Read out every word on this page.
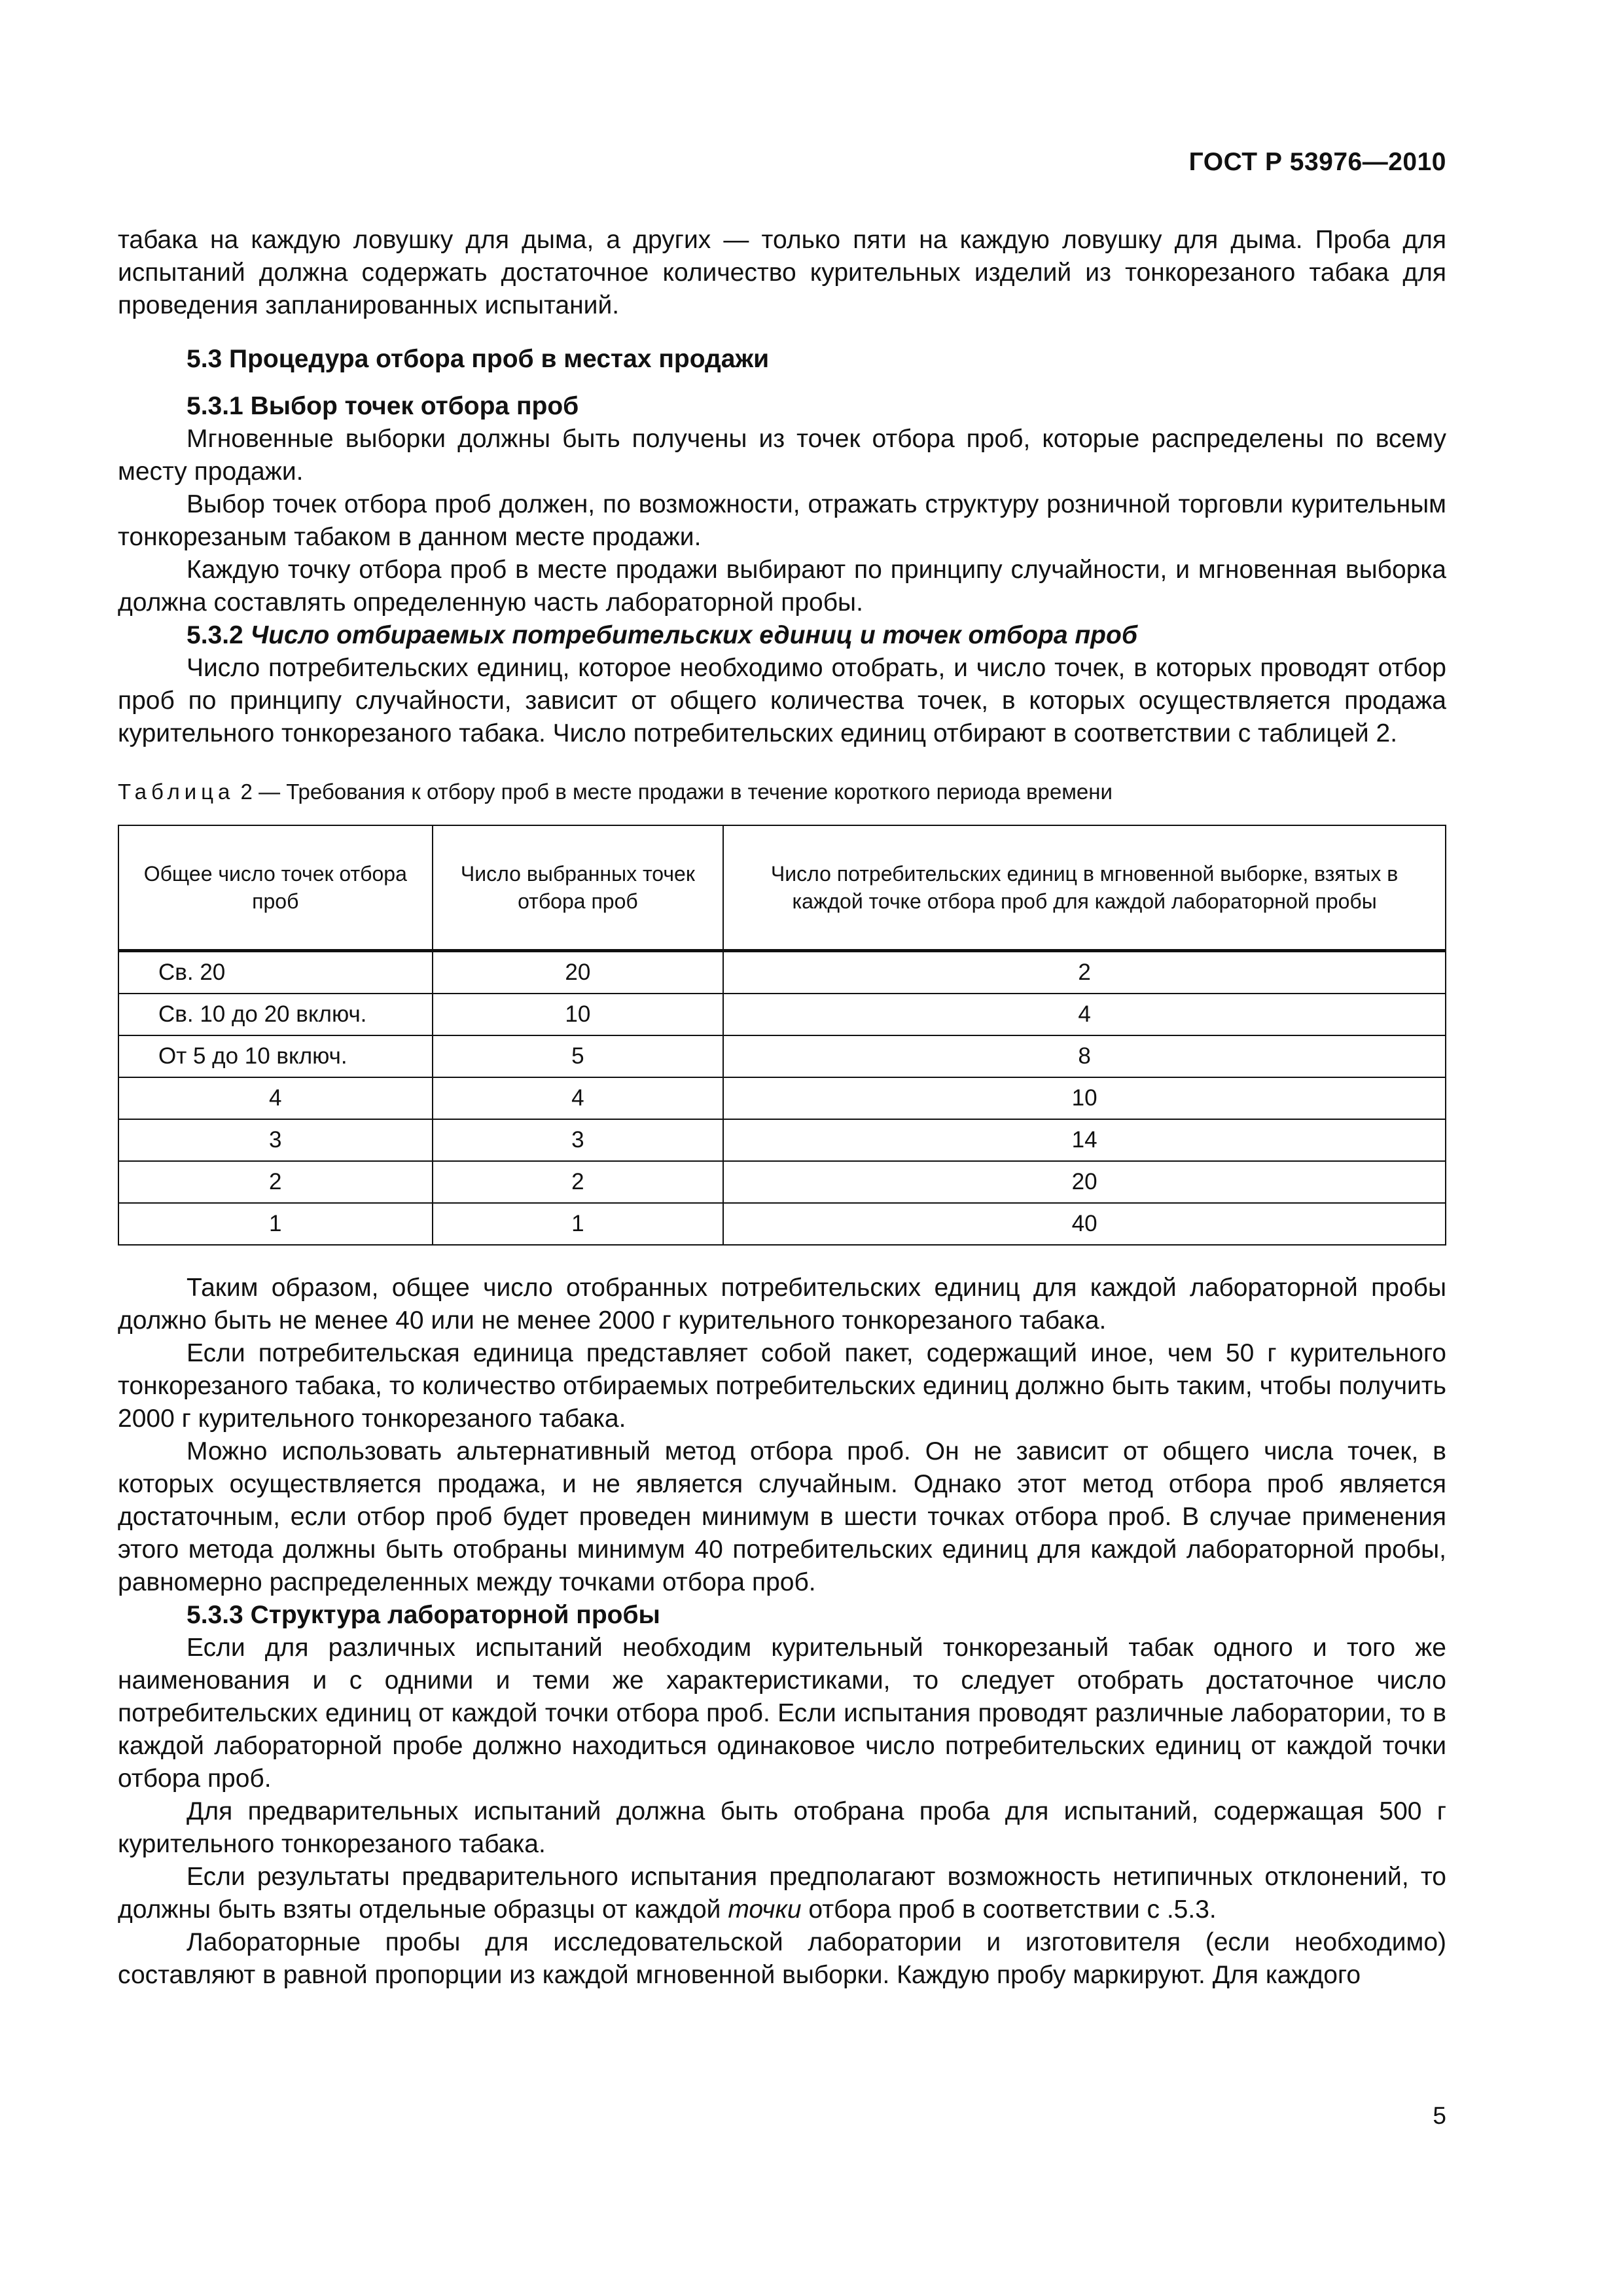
ГОСТ Р 53976—2010

табака на каждую ловушку для дыма, а других — только пяти на каждую ловушку для дыма. Проба для испытаний должна содержать достаточное количество курительных изделий из тонкорезаного табака для проведения запланированных испытаний.

5.3 Процедура отбора проб в местах продажи

5.3.1 Выбор точек отбора проб

Мгновенные выборки должны быть получены из точек отбора проб, которые распределены по всему месту продажи.

Выбор точек отбора проб должен, по возможности, отражать структуру розничной торговли курительным тонкорезаным табаком в данном месте продажи.

Каждую точку отбора проб в месте продажи выбирают по принципу случайности, и мгновенная выборка должна составлять определенную часть лабораторной пробы.

5.3.2 Число отбираемых потребительских единиц и точек отбора проб

Число потребительских единиц, которое необходимо отобрать, и число точек, в которых проводят отбор проб по принципу случайности, зависит от общего количества точек, в которых осуществляется продажа курительного тонкорезаного табака. Число потребительских единиц отбирают в соответствии с таблицей 2.

Таблица 2 — Требования к отбору проб в месте продажи в течение короткого периода времени

Общее число точек отбора проб	Число выбранных точек отбора проб	Число потребительских единиц в мгновенной выборке, взятых в каждой точке отбора проб для каждой лабораторной пробы
Св. 20	20	2
Св. 10 до 20 включ.	10	4
От 5 до 10 включ.	5	8
4	4	10
3	3	14
2	2	20
1	1	40

Таким образом, общее число отобранных потребительских единиц для каждой лабораторной пробы должно быть не менее 40 или не менее 2000 г курительного тонкорезаного табака.

Если потребительская единица представляет собой пакет, содержащий иное, чем 50 г курительного тонкорезаного табака, то количество отбираемых потребительских единиц должно быть таким, чтобы получить 2000 г курительного тонкорезаного табака.

Можно использовать альтернативный метод отбора проб. Он не зависит от общего числа точек, в которых осуществляется продажа, и не является случайным. Однако этот метод отбора проб является достаточным, если отбор проб будет проведен минимум в шести точках отбора проб. В случае применения этого метода должны быть отобраны минимум 40 потребительских единиц для каждой лабораторной пробы, равномерно распределенных между точками отбора проб.

5.3.3 Структура лабораторной пробы

Если для различных испытаний необходим курительный тонкорезаный табак одного и того же наименования и с одними и теми же характеристиками, то следует отобрать достаточное число потребительских единиц от каждой точки отбора проб. Если испытания проводят различные лаборатории, то в каждой лабораторной пробе должно находиться одинаковое число потребительских единиц от каждой точки отбора проб.

Для предварительных испытаний должна быть отобрана проба для испытаний, содержащая 500 г курительного тонкорезаного табака.

Если результаты предварительного испытания предполагают возможность нетипичных отклонений, то должны быть взяты отдельные образцы от каждой точки отбора проб в соответствии с .5.3.

Лабораторные пробы для исследовательской лаборатории и изготовителя (если необходимо) составляют в равной пропорции из каждой мгновенной выборки. Каждую пробу маркируют. Для каждого

5
